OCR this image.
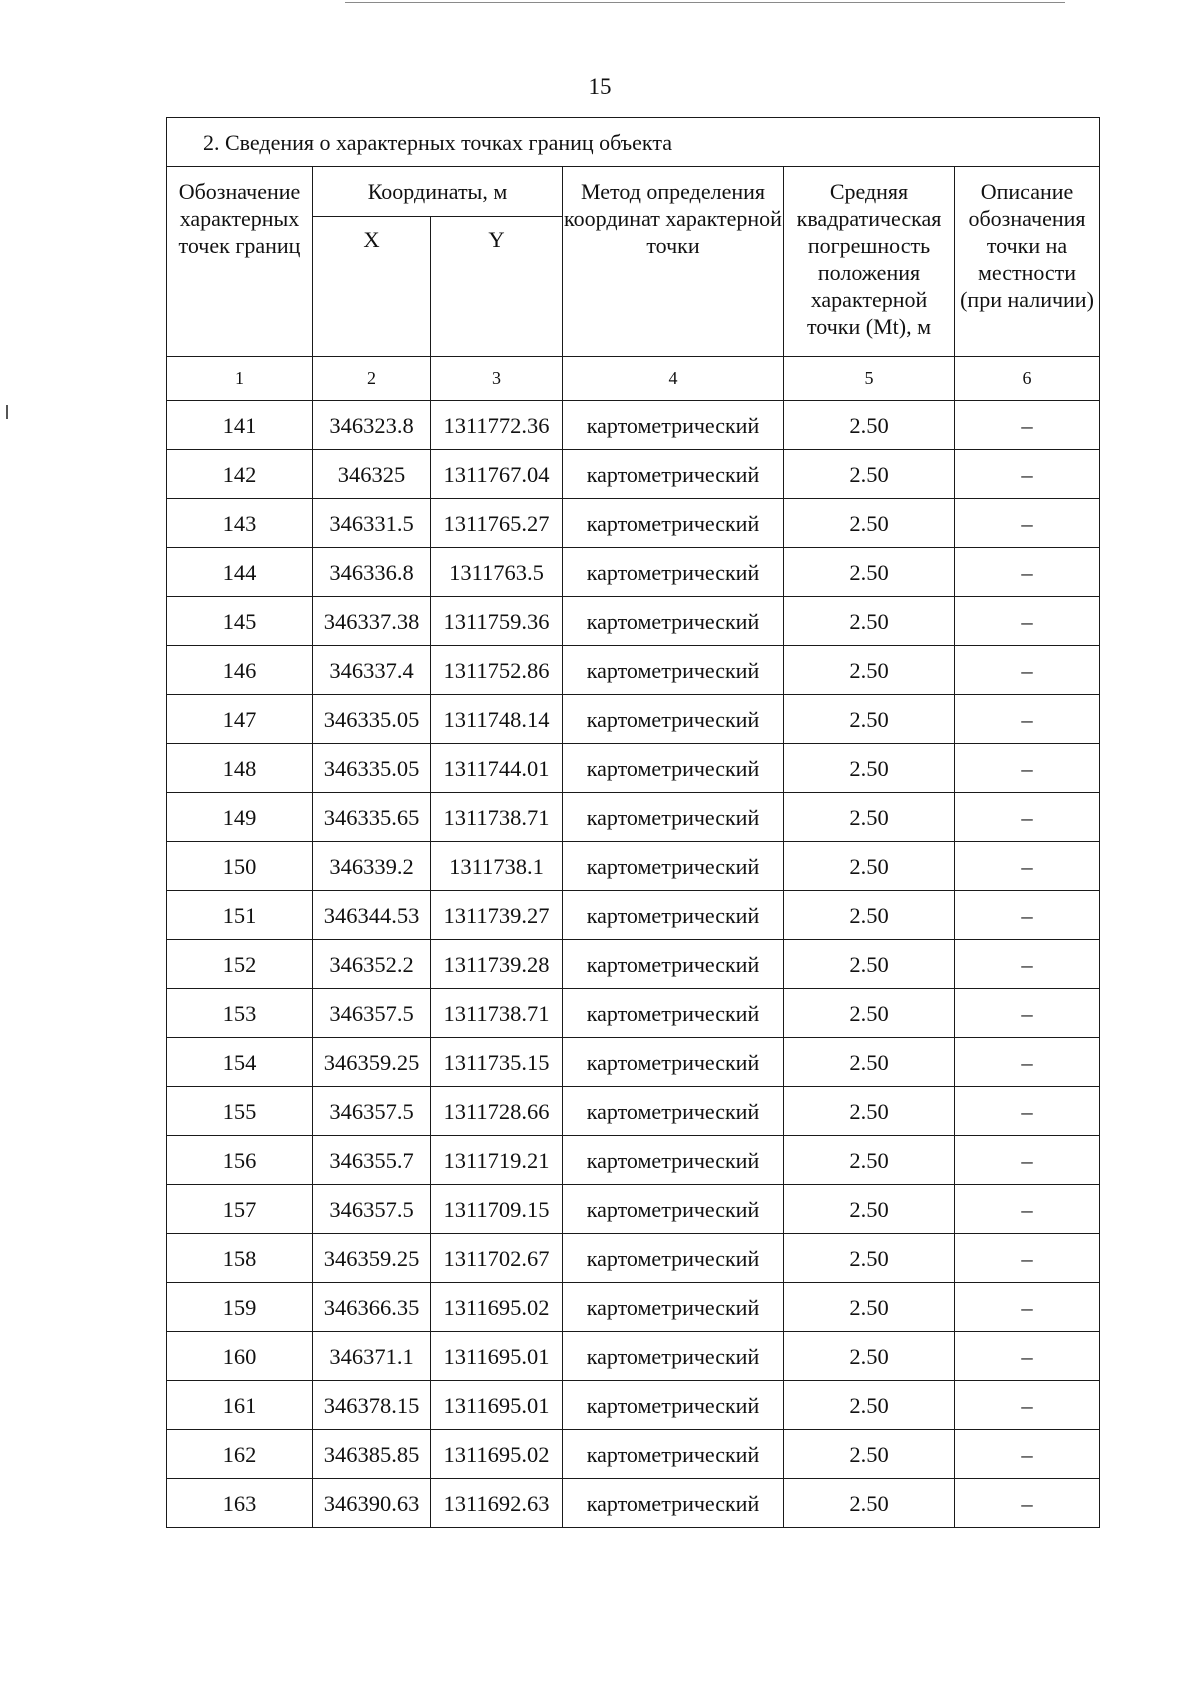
15
2. Сведения о характерных точках границ объекта					
Обозначение характерных точек границ	Координаты, м		Метод определения координат характерной точки	Средняя квадратическая погрешность положения характерной точки (Mt), м	Описание обозначения точки на местности (при наличии)
	X	Y			
1	2	3	4	5	6
141	346323.8	1311772.36	картометрический	2.50	–
142	346325	1311767.04	картометрический	2.50	–
143	346331.5	1311765.27	картометрический	2.50	–
144	346336.8	1311763.5	картометрический	2.50	–
145	346337.38	1311759.36	картометрический	2.50	–
146	346337.4	1311752.86	картометрический	2.50	–
147	346335.05	1311748.14	картометрический	2.50	–
148	346335.05	1311744.01	картометрический	2.50	–
149	346335.65	1311738.71	картометрический	2.50	–
150	346339.2	1311738.1	картометрический	2.50	–
151	346344.53	1311739.27	картометрический	2.50	–
152	346352.2	1311739.28	картометрический	2.50	–
153	346357.5	1311738.71	картометрический	2.50	–
154	346359.25	1311735.15	картометрический	2.50	–
155	346357.5	1311728.66	картометрический	2.50	–
156	346355.7	1311719.21	картометрический	2.50	–
157	346357.5	1311709.15	картометрический	2.50	–
158	346359.25	1311702.67	картометрический	2.50	–
159	346366.35	1311695.02	картометрический	2.50	–
160	346371.1	1311695.01	картометрический	2.50	–
161	346378.15	1311695.01	картометрический	2.50	–
162	346385.85	1311695.02	картометрический	2.50	–
163	346390.63	1311692.63	картометрический	2.50	–
